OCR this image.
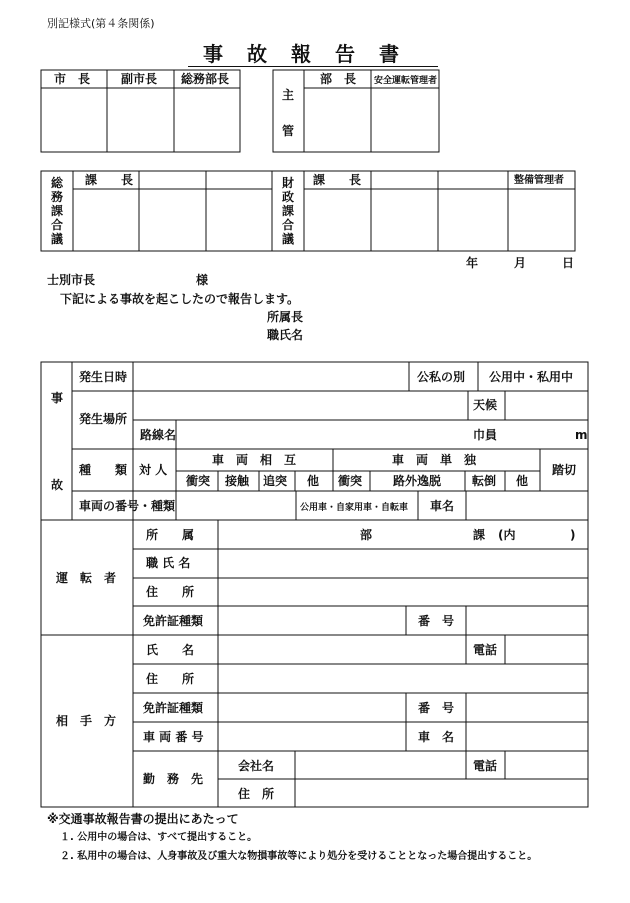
別記様式(第４条関係)
事故報告書
市　長	副市長 総務部長
主
管
部　長 安全運転管理者
総務課合議
課　　長	財政課合議
課　　長	整備管理者
年　　　月　　　日
士別市長	様
下記による事故を起こしたので報告します。
所属長
職氏名
事
故
発生日時	公私の別 公用中・私用中
発生場所
天候
路線名	巾員	m
種　　類 対 人
車　両　相　互	車　両　単　独
踏切
衝突 接触 追突 他 衝突	路外逸脱	転倒 他
車両の番号・種類	公用車・自家用車・自転車 車名
運　転　者
所　　属	部	課 (内	)
職 氏 名
住　　所
免許証種類	番　号
相　手　方
氏　　名	電話
住　　所
免許証種類	番　号
車 両 番 号	車　名
勤　務　先
会社名	電話
住　所
※交通事故報告書の提出にあたって
１. 公用中の場合は、すべて提出すること。
２. 私用中の場合は、人身事故及び重大な物損事故等により処分を受けることとなった場合提出すること。
